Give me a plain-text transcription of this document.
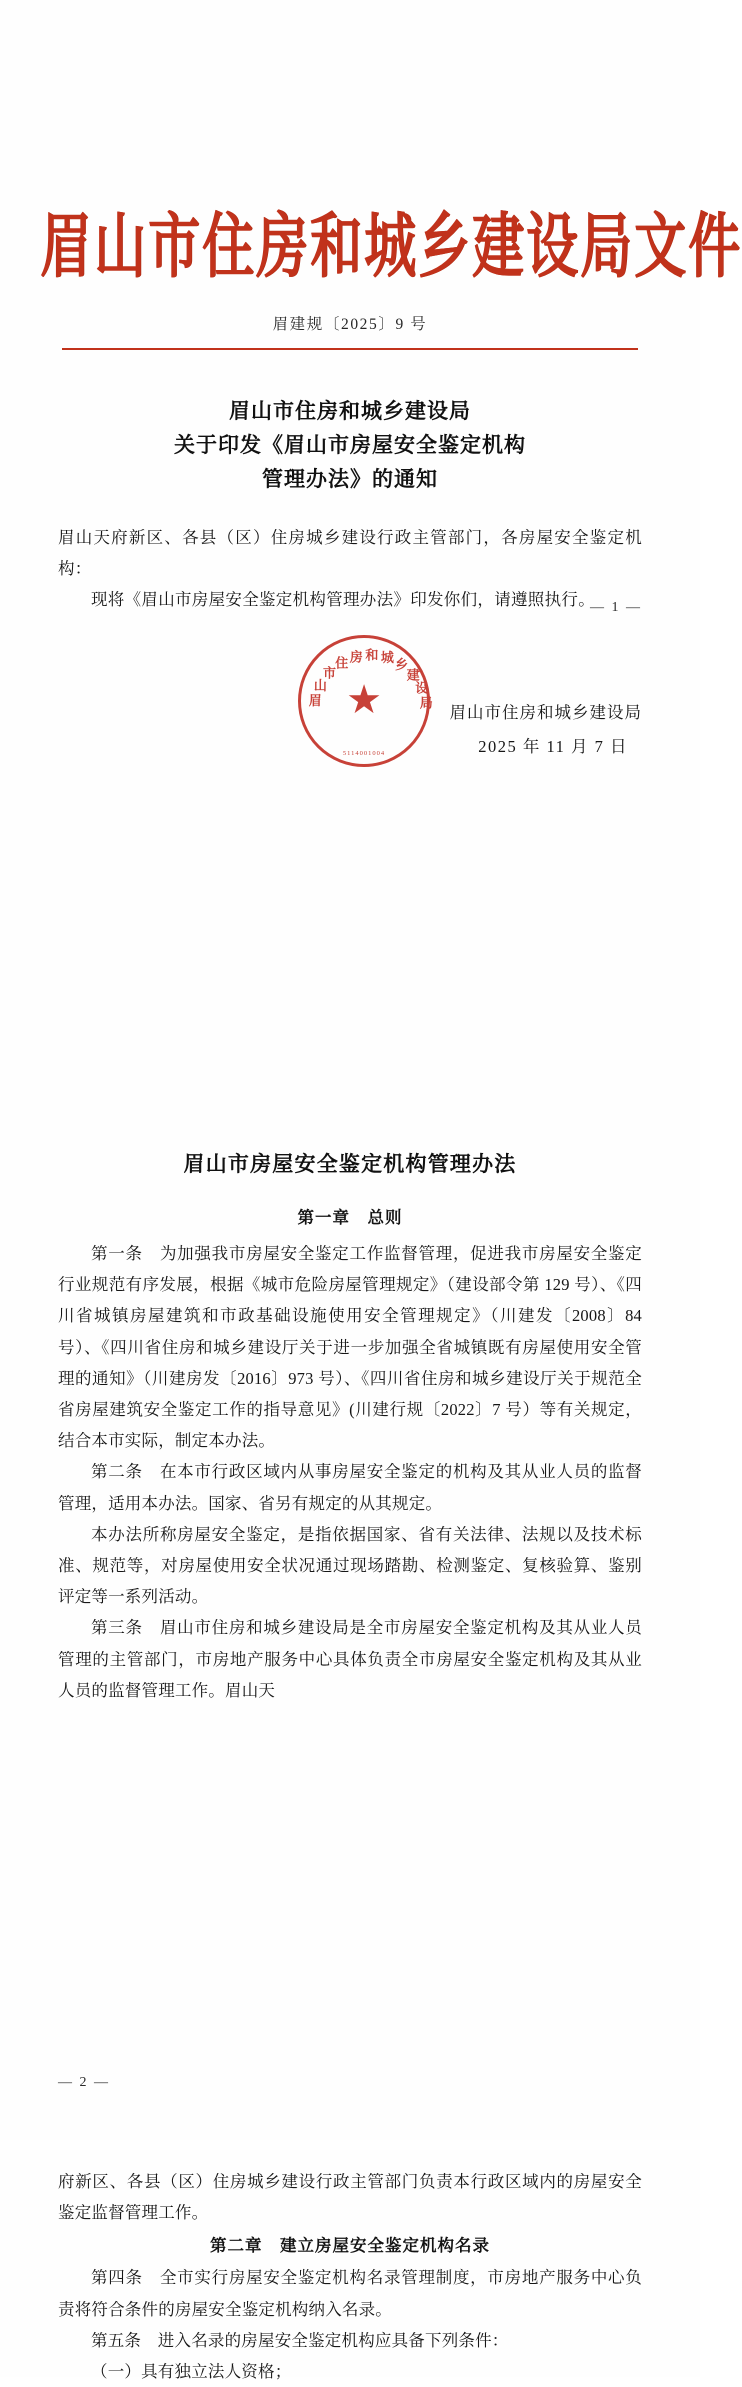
眉山市住房和城乡建设局文件
眉建规〔2025〕9 号
眉山市住房和城乡建设局
关于印发《眉山市房屋安全鉴定机构
管理办法》的通知

眉山天府新区、各县（区）住房城乡建设行政主管部门，各房屋安全鉴定机构：

现将《眉山市房屋安全鉴定机构管理办法》印发你们，请遵照执行。

★
眉
山
市
住 房 和 城 乡
建
设
局
5114001004
眉山市住房和城乡建设局
2025 年 11 月 7 日
— 1 —
眉山市房屋安全鉴定机构管理办法
第一章　总则

第一条　为加强我市房屋安全鉴定工作监督管理，促进我市房屋安全鉴定行业规范有序发展，根据《城市危险房屋管理规定》（建设部令第 129 号）、《四川省城镇房屋建筑和市政基础设施使用安全管理规定》（川建发〔2008〕84 号）、《四川省住房和城乡建设厅关于进一步加强全省城镇既有房屋使用安全管理的通知》（川建房发〔2016〕973 号）、《四川省住房和城乡建设厅关于规范全省房屋建筑安全鉴定工作的指导意见》(川建行规〔2022〕7 号）等有关规定，结合本市实际，制定本办法。

第二条　在本市行政区域内从事房屋安全鉴定的机构及其从业人员的监督管理，适用本办法。国家、省另有规定的从其规定。

本办法所称房屋安全鉴定，是指依据国家、省有关法律、法规以及技术标准、规范等，对房屋使用安全状况通过现场踏勘、检测鉴定、复核验算、鉴别评定等一系列活动。

第三条　眉山市住房和城乡建设局是全市房屋安全鉴定机构及其从业人员管理的主管部门，市房地产服务中心具体负责全市房屋安全鉴定机构及其从业人员的监督管理工作。眉山天

— 2 —

府新区、各县（区）住房城乡建设行政主管部门负责本行政区域内的房屋安全鉴定监督管理工作。

第二章　建立房屋安全鉴定机构名录

第四条　全市实行房屋安全鉴定机构名录管理制度，市房地产服务中心负责将符合条件的房屋安全鉴定机构纳入名录。

第五条　进入名录的房屋安全鉴定机构应具备下列条件：

（一）具有独立法人资格；
